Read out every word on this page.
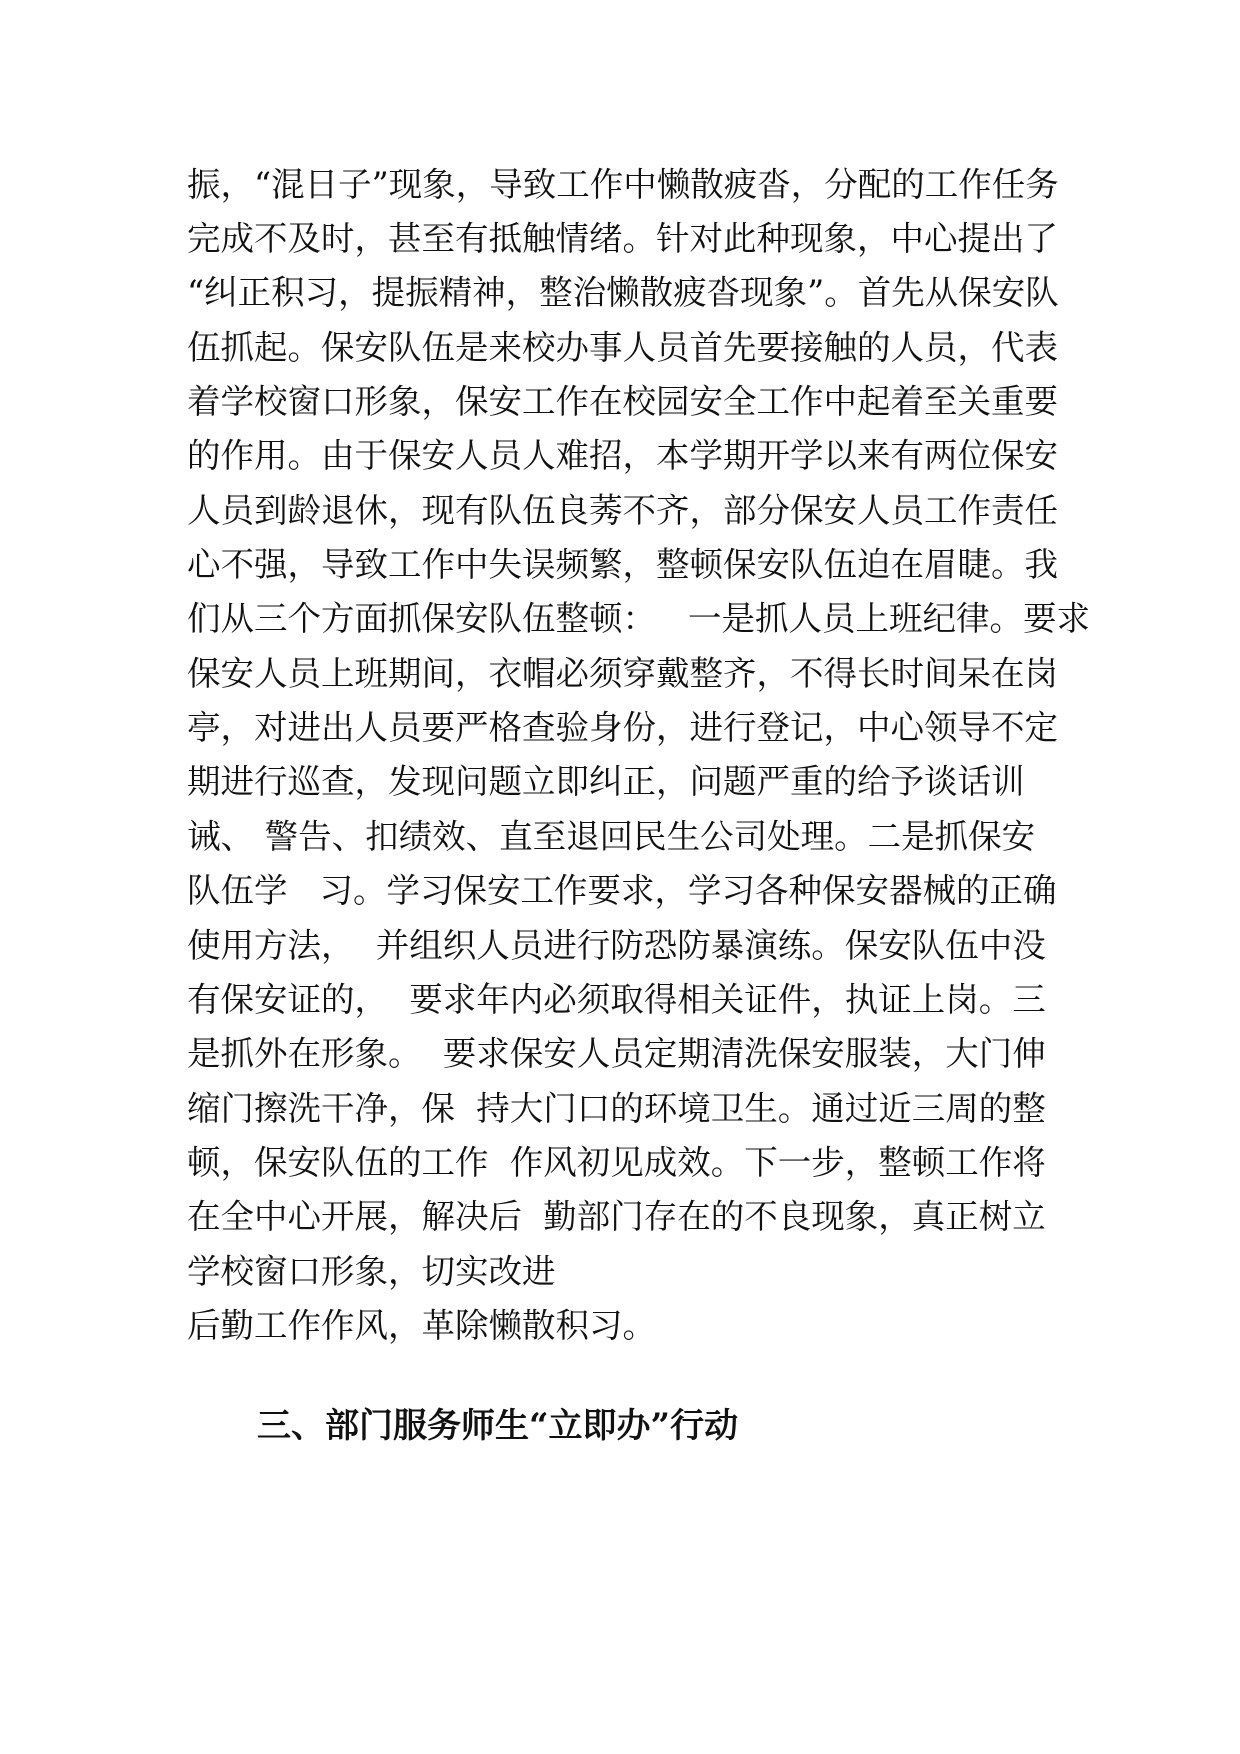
振，“混日子”现象，导致工作中懒散疲沓，分配的工作任务
完成不及时，甚至有抵触情绪。针对此种现象，中心提出了
“纠正积习，提振精神，整治懒散疲沓现象”。首先从保安队
伍抓起。保安队伍是来校办事人员首先要接触的人员，代表
着学校窗口形象，保安工作在校园安全工作中起着至关重要
的作用。由于保安人员人难招，本学期开学以来有两位保安
人员到龄退休，现有队伍良莠不齐，部分保安人员工作责任
心不强，导致工作中失误频繁，整顿保安队伍迫在眉睫。我
们从三个方面抓保安队伍整顿：   一是抓人员上班纪律。要求
保安人员上班期间，衣帽必须穿戴整齐，不得长时间呆在岗
亭，对进出人员要严格查验身份，进行登记，中心领导不定
期进行巡查，发现问题立即纠正，问题严重的给予谈话训
诫、 警告、扣绩效、直至退回民生公司处理。二是抓保安
队伍学   习。学习保安工作要求，学习各种保安器械的正确
使用方法，  并组织人员进行防恐防暴演练。保安队伍中没
有保安证的，  要求年内必须取得相关证件，执证上岗。三
是抓外在形象。  要求保安人员定期清洗保安服装，大门伸
缩门擦洗干净，保  持大门口的环境卫生。通过近三周的整
顿，保安队伍的工作  作风初见成效。下一步，整顿工作将
在全中心开展，解决后  勤部门存在的不良现象，真正树立
学校窗口形象，切实改进
后勤工作作风，革除懒散积习。
三、部门服务师生“立即办”行动
